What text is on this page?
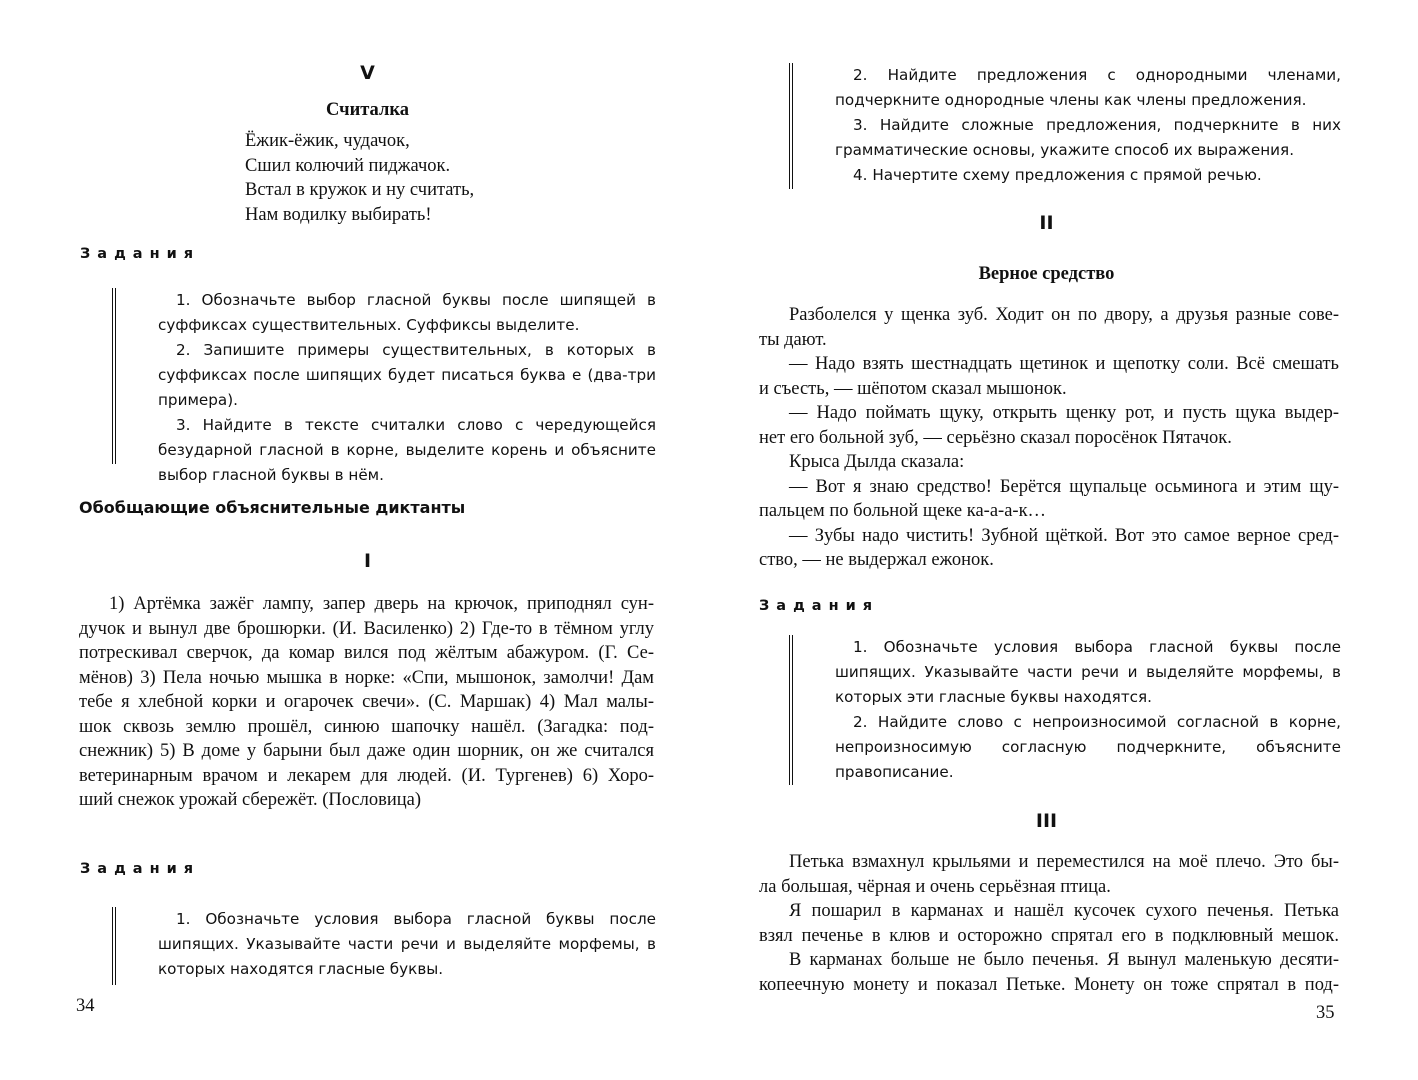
V
Считалка
Ёжик-ёжик, чудачок,
Сшил колючий пиджачок.
Встал в кружок и ну считать,
Нам водилку выбирать!
Задания

1. Обозначьте выбор гласной буквы после шипящей в суффиксах существительных. Суффиксы выделите.

2. Запишите примеры существительных, в которых в суффиксах после шипящих будет писаться буква е (два-три примера).

3. Найдите в тексте считалки слово с чередующейся безударной гласной в корне, выделите корень и объясните выбор гласной буквы в нём.

Обобщающие объяснительные диктанты
I
1) Артёмка зажёг лампу, запер дверь на крючок, приподнял сун-
дучок и вынул две брошюрки. (И. Василенко) 2) Где-то в тёмном углу
потрескивал сверчок, да комар вился под жёлтым абажуром. (Г. Се-
мёнов) 3) Пела ночью мышка в норке: «Спи, мышонок, замолчи! Дам
тебе я хлебной корки и огарочек свечи». (С. Маршак) 4) Мал малы-
шок сквозь землю прошёл, синюю шапочку нашёл. (Загадка: под-
снежник) 5) В доме у барыни был даже один шорник, он же считался
ветеринарным врачом и лекарем для людей. (И. Тургенев) 6) Хоро-
ший снежок урожай сбережёт. (Пословица)
Задания

1. Обозначьте условия выбора гласной буквы после шипящих. Указывайте части речи и выделяйте морфемы, в которых находятся гласные буквы.

34

2. Найдите предложения с однородными членами, подчеркните однородные члены как члены предложения.

3. Найдите сложные предложения, подчеркните в них грамматические основы, укажите способ их выражения.

4. Начертите схему предложения с прямой речью.

II
Верное средство
Разболелся у щенка зуб. Ходит он по двору, а друзья разные сове-
ты дают.
— Надо взять шестнадцать щетинок и щепотку соли. Всё смешать
и съесть, — шёпотом сказал мышонок.
— Надо поймать щуку, открыть щенку рот, и пусть щука выдер-
нет его больной зуб, — серьёзно сказал поросёнок Пятачок.
Крыса Дылда сказала:
— Вот я знаю средство! Берётся щупальце осьминога и этим щу-
пальцем по больной щеке ка-а-а-к…
— Зубы надо чистить! Зубной щёткой. Вот это самое верное сред-
ство, — не выдержал ежонок.
Задания

1. Обозначьте условия выбора гласной буквы после шипящих. Указывайте части речи и выделяйте морфемы, в которых эти гласные буквы находятся.

2. Найдите слово с непроизносимой согласной в корне, непроизносимую согласную подчеркните, объясните правописание.

III
Петька взмахнул крыльями и переместился на моё плечо. Это бы-
ла большая, чёрная и очень серьёзная птица.
Я пошарил в карманах и нашёл кусочек сухого печенья. Петька
взял печенье в клюв и осторожно спрятал его в подклювный мешок.
В карманах больше не было печенья. Я вынул маленькую десяти-
копеечную монету и показал Петьке. Монету он тоже спрятал в под-
35
